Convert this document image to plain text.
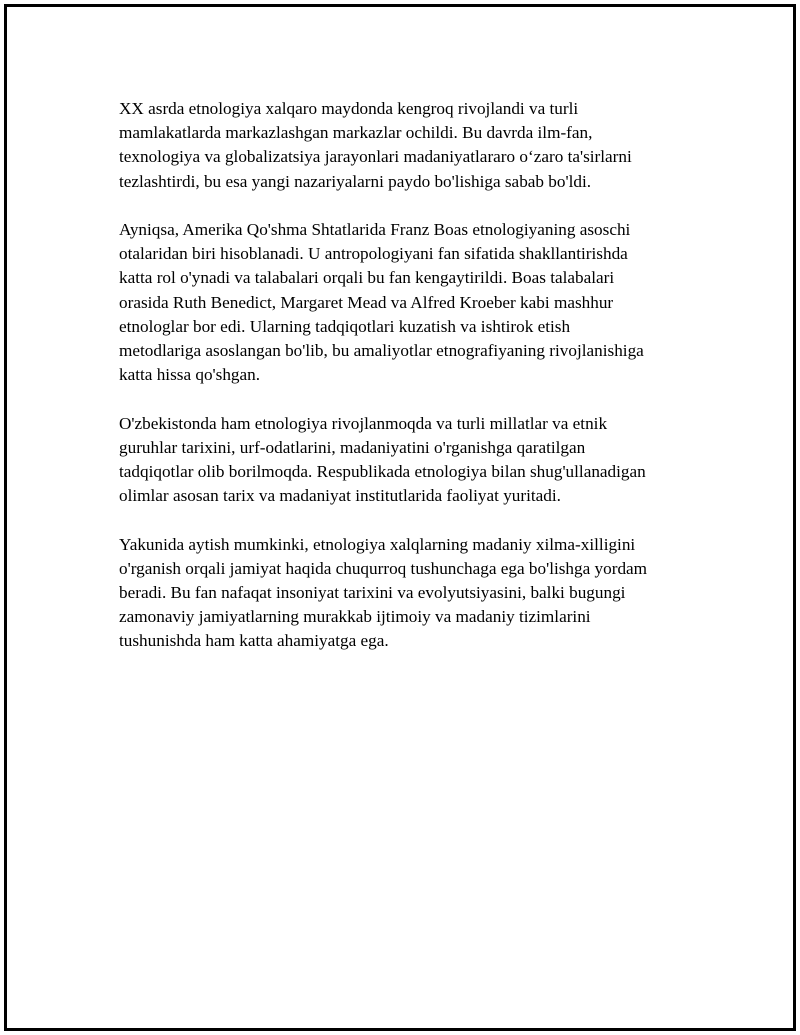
XX asrda etnologiya xalqaro maydonda kengroq rivojlandi va turli
mamlakatlarda markazlashgan markazlar ochildi. Bu davrda ilm-fan,
texnologiya va globalizatsiya jarayonlari madaniyatlararo oʻzaro ta'sirlarni
tezlashtirdi, bu esa yangi nazariyalarni paydo bo'lishiga sabab bo'ldi.

Ayniqsa, Amerika Qo'shma Shtatlarida Franz Boas etnologiyaning asoschi
otalaridan biri hisoblanadi. U antropologiyani fan sifatida shakllantirishda
katta rol o'ynadi va talabalari orqali bu fan kengaytirildi. Boas talabalari
orasida Ruth Benedict, Margaret Mead va Alfred Kroeber kabi mashhur
etnologlar bor edi. Ularning tadqiqotlari kuzatish va ishtirok etish
metodlariga asoslangan bo'lib, bu amaliyotlar etnografiyaning rivojlanishiga
katta hissa qo'shgan.

O'zbekistonda ham etnologiya rivojlanmoqda va turli millatlar va etnik
guruhlar tarixini, urf-odatlarini, madaniyatini o'rganishga qaratilgan
tadqiqotlar olib borilmoqda. Respublikada etnologiya bilan shug'ullanadigan
olimlar asosan tarix va madaniyat institutlarida faoliyat yuritadi.

Yakunida aytish mumkinki, etnologiya xalqlarning madaniy xilma-xilligini
o'rganish orqali jamiyat haqida chuqurroq tushunchaga ega bo'lishga yordam
beradi. Bu fan nafaqat insoniyat tarixini va evolyutsiyasini, balki bugungi
zamonaviy jamiyatlarning murakkab ijtimoiy va madaniy tizimlarini
tushunishda ham katta ahamiyatga ega.
